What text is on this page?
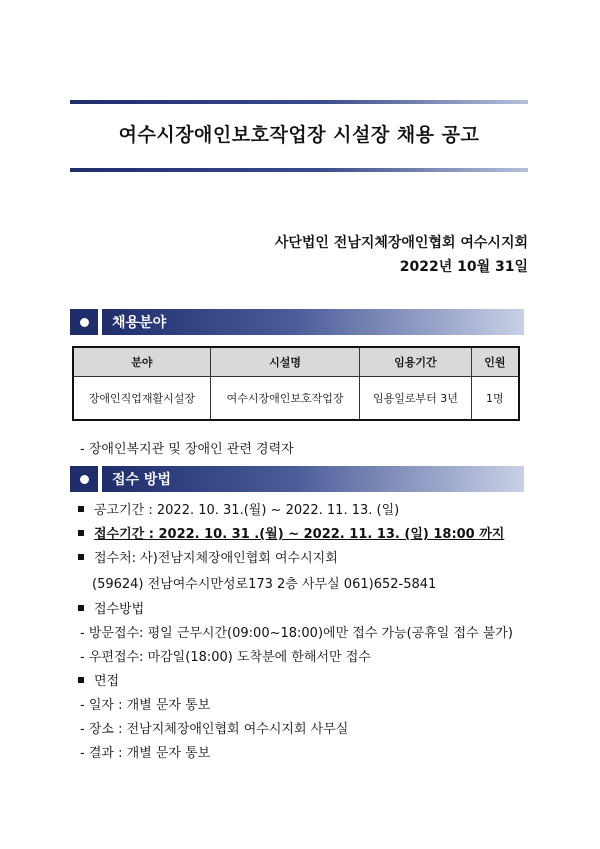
여수시장애인보호작업장 시설장 채용 공고
사단법인 전남지체장애인협회 여수시지회
2022년 10월 31일
채용분야
분야	시설명	임용기간	인원
장애인직업재활시설장	여수시장애인보호작업장	임용일로부터 3년	1명
- 장애인복지관 및 장애인 관련 경력자
접수 방법
공고기간 : 2022. 10. 31.(월) ~ 2022. 11. 13. (일)
접수기간 : 2022. 10. 31 .(월) ~ 2022. 11. 13. (일) 18:00 까지
접수처: 사)전남지체장애인협회 여수시지회
(59624) 전남여수시만성로173 2층 사무실 061)652-5841
접수방법
- 방문접수: 평일 근무시간(09:00~18:00)에만 접수 가능(공휴일 접수 불가)
- 우편접수: 마감일(18:00) 도착분에 한해서만 접수
면접
- 일자 : 개별 문자 통보
- 장소 : 전남지체장애인협회 여수시지회 사무실
- 결과 : 개별 문자 통보
